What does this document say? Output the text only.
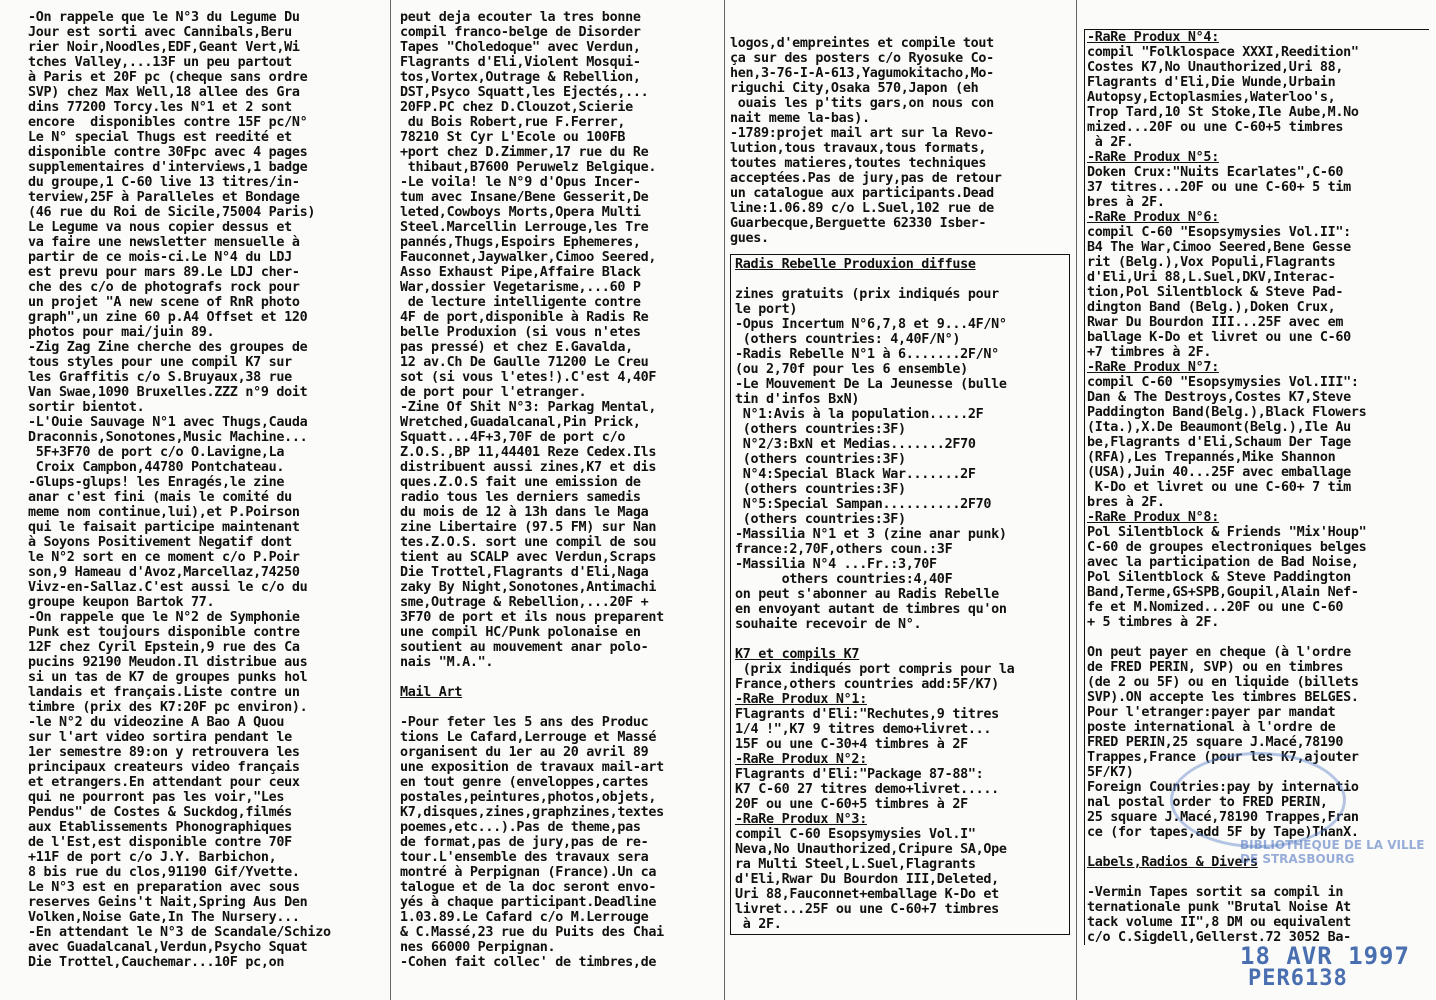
-On rappele que le N°3 du Legume Du
Jour est sorti avec Cannibals,Beru
rier Noir,Noodles,EDF,Geant Vert,Wi
tches Valley,...13F un peu partout
à Paris et 20F pc (cheque sans ordre
SVP) chez Max Well,18 allee des Gra
dins 77200 Torcy.les N°1 et 2 sont
encore  disponibles contre 15F pc/N°
Le N° special Thugs est reedité et
disponible contre 30Fpc avec 4 pages
supplementaires d'interviews,1 badge
du groupe,1 C-60 live 13 titres/in-
terview,25F à Paralleles et Bondage
(46 rue du Roi de Sicile,75004 Paris)
Le Legume va nous copier dessus et
va faire une newsletter mensuelle à
partir de ce mois-ci.Le N°4 du LDJ
est prevu pour mars 89.Le LDJ cher-
che des c/o de photografs rock pour
un projet "A new scene of RnR photo
graph",un zine 60 p.A4 Offset et 120
photos pour mai/juin 89.
-Zig Zag Zine cherche des groupes de
tous styles pour une compil K7 sur
les Graffitis c/o S.Bruyaux,38 rue
Van Swae,1090 Bruxelles.ZZZ n°9 doit
sortir bientot.
-L'Ouie Sauvage N°1 avec Thugs,Cauda
Draconnis,Sonotones,Music Machine...
5F+3F70 de port c/o O.Lavigne,La
Croix Campbon,44780 Pontchateau.
-Glups-glups! les Enragés,le zine
anar c'est fini (mais le comité du
meme nom continue,lui),et P.Poirson
qui le faisait participe maintenant
à Soyons Positivement Negatif dont
le N°2 sort en ce moment c/o P.Poir
son,9 Hameau d'Avoz,Marcellaz,74250
Vivz-en-Sallaz.C'est aussi le c/o du
groupe keupon Bartok 77.
-On rappele que le N°2 de Symphonie
Punk est toujours disponible contre
12F chez Cyril Epstein,9 rue des Ca
pucins 92190 Meudon.Il distribue aus
si un tas de K7 de groupes punks hol
landais et français.Liste contre un
timbre (prix des K7:20F pc environ).
-le N°2 du videozine A Bao A Quou
sur l'art video sortira pendant le
1er semestre 89:on y retrouvera les
principaux createurs video français
et etrangers.En attendant pour ceux
qui ne pourront pas les voir,"Les
Pendus" de Costes & Suckdog,filmés
aux Etablissements Phonographiques
de l'Est,est disponible contre 70F
+11F de port c/o J.Y. Barbichon,
8 bis rue du clos,91190 Gif/Yvette.
Le N°3 est en preparation avec sous
reserves Geins't Nait,Spring Aus Den
Volken,Noise Gate,In The Nursery...
-En attendant le N°3 de Scandale/Schizo
avec Guadalcanal,Verdun,Psycho Squat
Die Trottel,Cauchemar...10F pc,on
peut deja ecouter la tres bonne
compil franco-belge de Disorder
Tapes "Choledoque" avec Verdun,
Flagrants d'Eli,Violent Mosqui-
tos,Vortex,Outrage & Rebellion,
DST,Psyco Squatt,les Ejectés,...
20FP.PC chez D.Clouzot,Scierie
du Bois Robert,rue F.Ferrer,
78210 St Cyr L'Ecole ou 100FB
+port chez D.Zimmer,17 rue du Re
thibaut,B7600 Peruwelz Belgique.
-Le voila! le N°9 d'Opus Incer-
tum avec Insane/Bene Gesserit,De
leted,Cowboys Morts,Opera Multi
Steel.Marcellin Lerrouge,les Tre
pannés,Thugs,Espoirs Ephemeres,
Fauconnet,Jaywalker,Cimoo Seered,
Asso Exhaust Pipe,Affaire Black
War,dossier Vegetarisme,...60 P
de lecture intelligente contre
4F de port,disponible à Radis Re
belle Produxion (si vous n'etes
pas pressé) et chez E.Gavalda,
12 av.Ch De Gaulle 71200 Le Creu
sot (si vous l'etes!).C'est 4,40F
de port pour l'etranger.
-Zine Of Shit N°3: Parkag Mental,
Wretched,Guadalcanal,Pin Prick,
Squatt...4F+3,70F de port c/o
Z.O.S.,BP 11,44401 Reze Cedex.Ils
distribuent aussi zines,K7 et dis
ques.Z.O.S fait une emission de
radio tous les derniers samedis
du mois de 12 à 13h dans le Maga
zine Libertaire (97.5 FM) sur Nan
tes.Z.O.S. sort une compil de sou
tient au SCALP avec Verdun,Scraps
Die Trottel,Flagrants d'Eli,Naga
zaky By Night,Sonotones,Antimachi
sme,Outrage & Rebellion,...20F +
3F70 de port et ils nous preparent
une compil HC/Punk polonaise en
soutient au mouvement anar polo-
nais "M.A.".

Mail Art

-Pour feter les 5 ans des Produc
tions Le Cafard,Lerrouge et Massé
organisent du 1er au 20 avril 89
une exposition de travaux mail-art
en tout genre (enveloppes,cartes
postales,peintures,photos,objets,
K7,disques,zines,graphzines,textes
poemes,etc...).Pas de theme,pas
de format,pas de jury,pas de re-
tour.L'ensemble des travaux sera
montré à Perpignan (France).Un ca
talogue et de la doc seront envo-
yés à chaque participant.Deadline
1.03.89.Le Cafard c/o M.Lerrouge
& C.Massé,23 rue du Puits des Chai
nes 66000 Perpignan.
-Cohen fait collec' de timbres,de
logos,d'empreintes et compile tout
ça sur des posters c/o Ryosuke Co-
hen,3-76-I-A-613,Yagumokitacho,Mo-
riguchi City,Osaka 570,Japon (eh
ouais les p'tits gars,on nous con
nait meme la-bas).
-1789:projet mail art sur la Revo-
lution,tous travaux,tous formats,
toutes matieres,toutes techniques
acceptées.Pas de jury,pas de retour
un catalogue aux participants.Dead
line:1.06.89 c/o L.Suel,102 rue de
Guarbecque,Berguette 62330 Isber-
gues.
Radis Rebelle Produxion diffuse

zines gratuits (prix indiqués pour
le port)
-Opus Incertum N°6,7,8 et 9...4F/N°
(others countries: 4,40F/N°)
-Radis Rebelle N°1 à 6.......2F/N°
(ou 2,70f pour les 6 ensemble)
-Le Mouvement De La Jeunesse (bulle
tin d'infos BxN)
N°1:Avis à la population.....2F
(others countries:3F)
N°2/3:BxN et Medias.......2F70
(others countries:3F)
N°4:Special Black War.......2F
(others countries:3F)
N°5:Special Sampan..........2F70
(others countries:3F)
-Massilia N°1 et 3 (zine anar punk)
france:2,70F,others coun.:3F
-Massilia N°4 ...Fr.:3,70F
others countries:4,40F
on peut s'abonner au Radis Rebelle
en envoyant autant de timbres qu'on
souhaite recevoir de N°.

K7 et compils K7
(prix indiqués port compris pour la
France,others countries add:5F/K7)
-RaRe Produx N°1:
Flagrants d'Eli:"Rechutes,9 titres
1/4 !",K7 9 titres demo+livret...
15F ou une C-30+4 timbres à 2F
-RaRe Produx N°2:
Flagrants d'Eli:"Package 87-88":
K7 C-60 27 titres demo+livret.....
20F ou une C-60+5 timbres à 2F
-RaRe Produx N°3:
compil C-60 Esopsymysies Vol.I"
Neva,No Unauthorized,Cripure SA,Ope
ra Multi Steel,L.Suel,Flagrants
d'Eli,Rwar Du Bourdon III,Deleted,
Uri 88,Fauconnet+emballage K-Do et
livret...25F ou une C-60+7 timbres
à 2F.
-RaRe Produx N°4:
compil "Folklospace XXXI,Reedition"
Costes K7,No Unauthorized,Uri 88,
Flagrants d'Eli,Die Wunde,Urbain
Autopsy,Ectoplasmies,Waterloo's,
Trop Tard,10 St Stoke,Ile Aube,M.No
mized...20F ou une C-60+5 timbres
à 2F.
-RaRe Produx N°5:
Doken Crux:"Nuits Ecarlates",C-60
37 titres...20F ou une C-60+ 5 tim
bres à 2F.
-RaRe Produx N°6:
compil C-60 "Esopsymysies Vol.II":
B4 The War,Cimoo Seered,Bene Gesse
rit (Belg.),Vox Populi,Flagrants
d'Eli,Uri 88,L.Suel,DKV,Interac-
tion,Pol Silentblock & Steve Pad-
dington Band (Belg.),Doken Crux,
Rwar Du Bourdon III...25F avec em
ballage K-Do et livret ou une C-60
+7 timbres à 2F.
-RaRe Produx N°7:
compil C-60 "Esopsymysies Vol.III":
Dan & The Destroys,Costes K7,Steve
Paddington Band(Belg.),Black Flowers
(Ita.),X.De Beaumont(Belg.),Ile Au
be,Flagrants d'Eli,Schaum Der Tage
(RFA),Les Trepannés,Mike Shannon
(USA),Juin 40...25F avec emballage
K-Do et livret ou une C-60+ 7 tim
bres à 2F.
-RaRe Produx N°8:
Pol Silentblock & Friends "Mix'Houp"
C-60 de groupes electroniques belges
avec la participation de Bad Noise,
Pol Silentblock & Steve Paddington
Band,Terme,GS+SPB,Goupil,Alain Nef-
fe et M.Nomized...20F ou une C-60
+ 5 timbres à 2F.

On peut payer en cheque (à l'ordre
de FRED PERIN, SVP) ou en timbres
(de 2 ou 5F) ou en liquide (billets
SVP).ON accepte les timbres BELGES.
Pour l'etranger:payer par mandat
poste international à l'ordre de
FRED PERIN,25 square J.Macé,78190
Trappes,France (pour les K7,ajouter
5F/K7)
Foreign Countries:pay by internatio
nal postal order to FRED PERIN,
25 square J.Macé,78190 Trappes,Fran
ce (for tapes,add 5F by Tape)ThanX.

Labels,Radios & Divers

-Vermin Tapes sortit sa compil in
ternationale punk "Brutal Noise At
tack volume II",8 DM ou equivalent
c/o C.Sigdell,Gellerst.72 3052 Ba-
BIBLIOTHEQUE DE LA VILLE DE STRASBOURG
18 AVR 1997
PER6138
